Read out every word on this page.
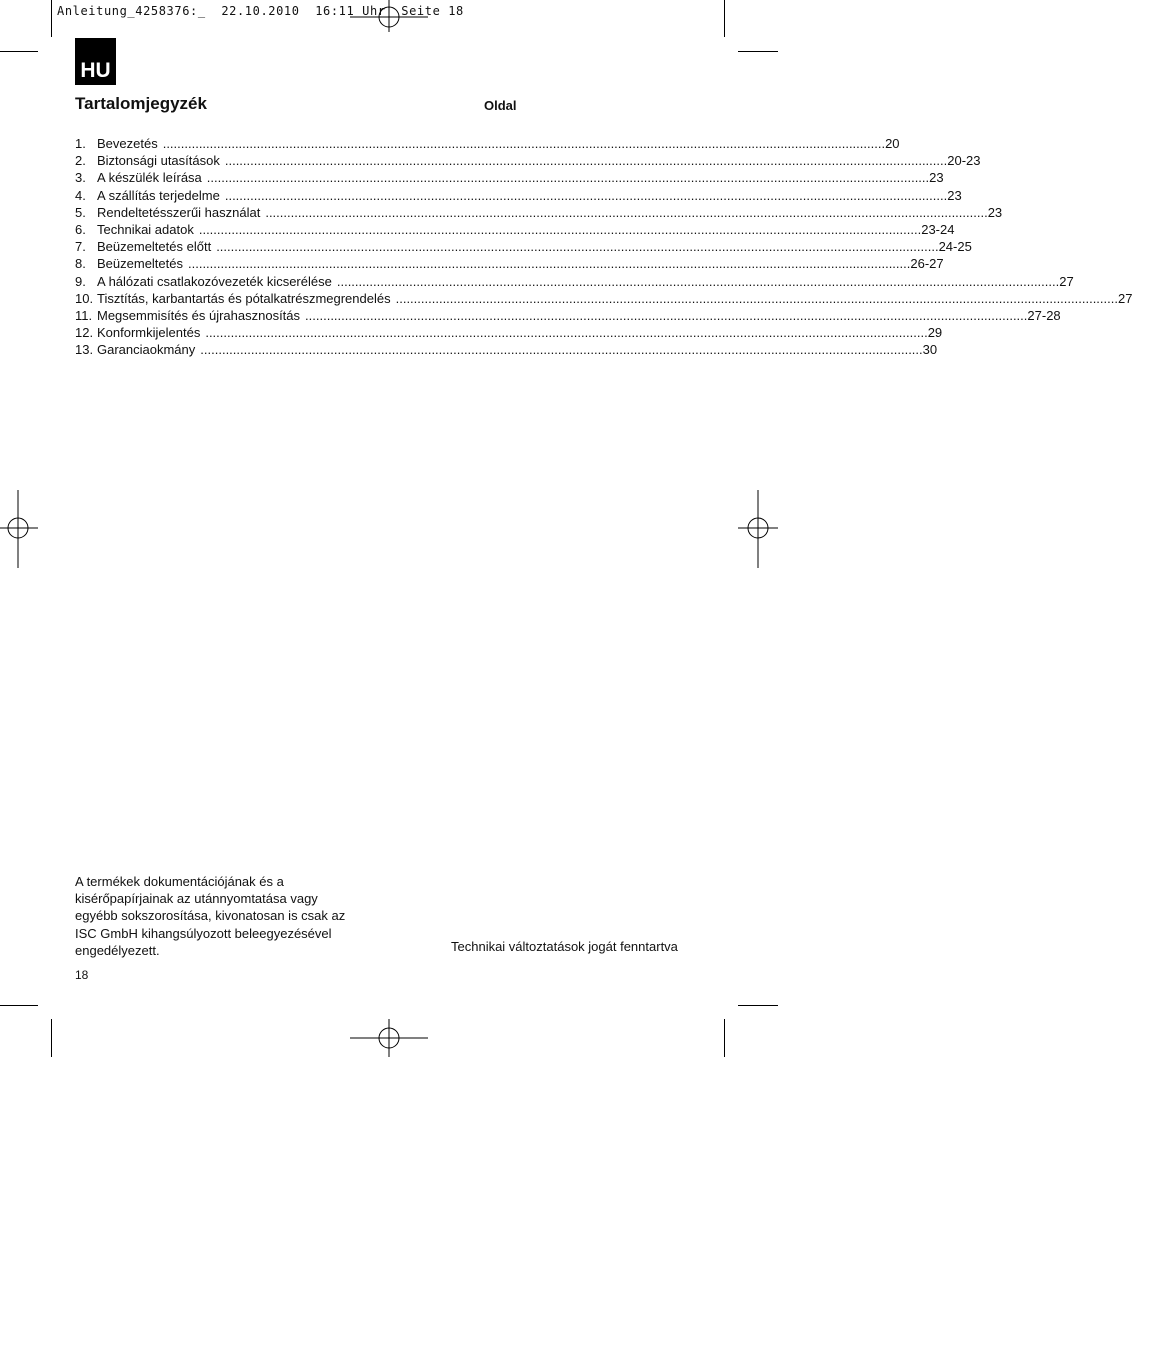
Anleitung_4258376:_  22.10.2010  16:11 Uhr  Seite 18
HU
Tartalomjegyzék	Oldal
1. Bevezetés ........................................................................................................................................................................................................ 20
2. Biztonsági utasítások ........................................................................................................................................................................................................ 20-23
3. A készülék leírása ........................................................................................................................................................................................................ 23
4. A szállítás terjedelme ........................................................................................................................................................................................................ 23
5. Rendeltetésszerűi használat ........................................................................................................................................................................................................ 23
6. Technikai adatok ........................................................................................................................................................................................................ 23-24
7. Beüzemeltetés előtt ........................................................................................................................................................................................................ 24-25
8. Beüzemeltetés ........................................................................................................................................................................................................ 26-27
9. A hálózati csatlakozóvezeték kicserélése ........................................................................................................................................................................................................ 27
10. Tisztítás, karbantartás és pótalkatrészmegrendelés ........................................................................................................................................................................................................ 27
11. Megsemmisítés és újrahasznosítás ........................................................................................................................................................................................................ 27-28
12. Konformkijelentés ........................................................................................................................................................................................................ 29
13. Garanciaokmány ........................................................................................................................................................................................................ 30
A termékek dokumentációjának és a
kisérőpapírjainak az utánnyomtatása vagy
egyébb sokszorosítása, kivonatosan is csak az
ISC GmbH kihangsúlyozott beleegyezésével
engedélyezett.	Technikai változtatások jogát fenntartva
18
